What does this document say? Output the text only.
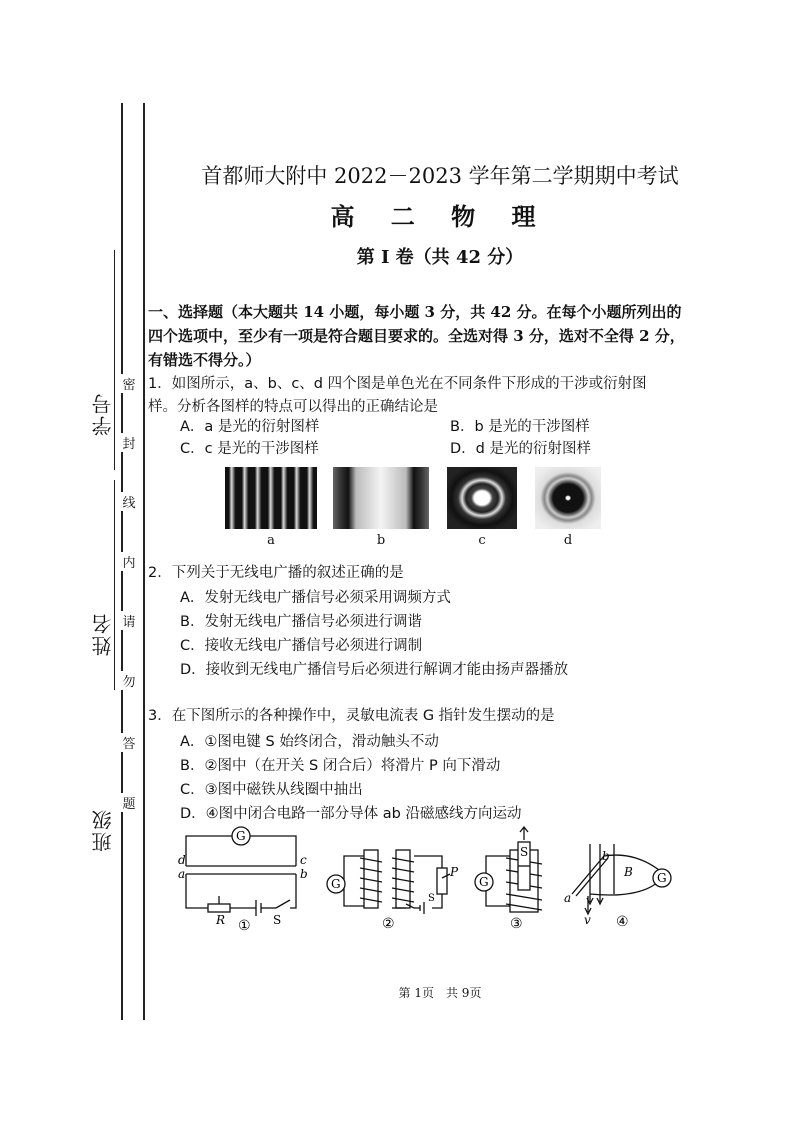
学号
姓名
班级
密
封
线
内
请
勿
答
题
首都师大附中 2022－2023 学年第二学期期中考试
高 二 物 理
第 I 卷（共 42 分）
一、选择题（本大题共 14 小题，每小题 3 分，共 42 分。在每个小题所列出的
四个选项中，至少有一项是符合题目要求的。全选对得 3 分，选对不全得 2 分，
有错选不得分。）
1．如图所示，a、b、c、d 四个图是单色光在不同条件下形成的干涉或衍射图
样。分析各图样的特点可以得出的正确结论是
A．a 是光的衍射图样	B．b 是光的干涉图样
C．c 是光的干涉图样	D．d 是光的衍射图样
a	b	c	d
2．下列关于无线电广播的叙述正确的是
A．发射无线电广播信号必须采用调频方式
B．发射无线电广播信号必须进行调谐
C．接收无线电广播信号必须进行调制
D．接收到无线电广播信号后必须进行解调才能由扬声器播放
3．在下图所示的各种操作中，灵敏电流表 G 指针发生摆动的是
A．①图电键 S 始终闭合，滑动触头不动
B．②图中（在开关 S 闭合后）将滑片 P 向下滑动
C．③图中磁铁从线圈中抽出
D．④图中闭合电路一部分导体 ab 沿磁感线方向运动
G
d
a
c
b
R	S
①
G
P
S
②
G
S
③
G
b
B
a
v ④
第 1页　共 9页
